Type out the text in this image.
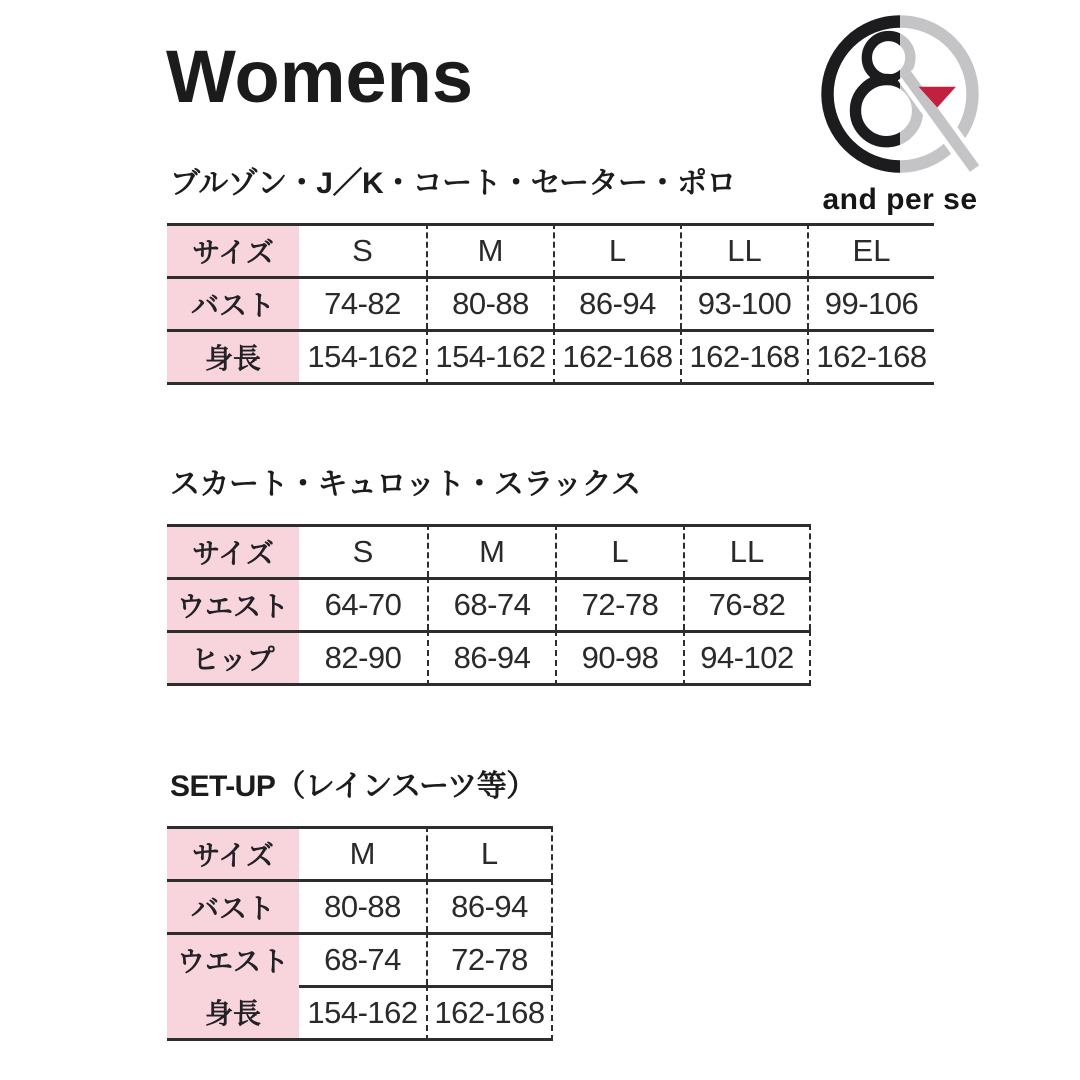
Womens
and per se
ブルゾン・J／K・コート・セーター・ポロ
サイズ	S	M	L	LL	EL
バスト	74-82	80-88	86-94	93-100	99-106
身長	154-162 154-162 162-168 162-168 162-168
スカート・キュロット・スラックス
サイズ	S	M	L	LL
ウエスト	64-70	68-74	72-78	76-82
ヒップ	82-90	86-94	90-98	94-102
SET-UP（レインスーツ等）
サイズ	M	L
バスト	80-88	86-94
ウエスト	68-74	72-78
身長	154-162 162-168
